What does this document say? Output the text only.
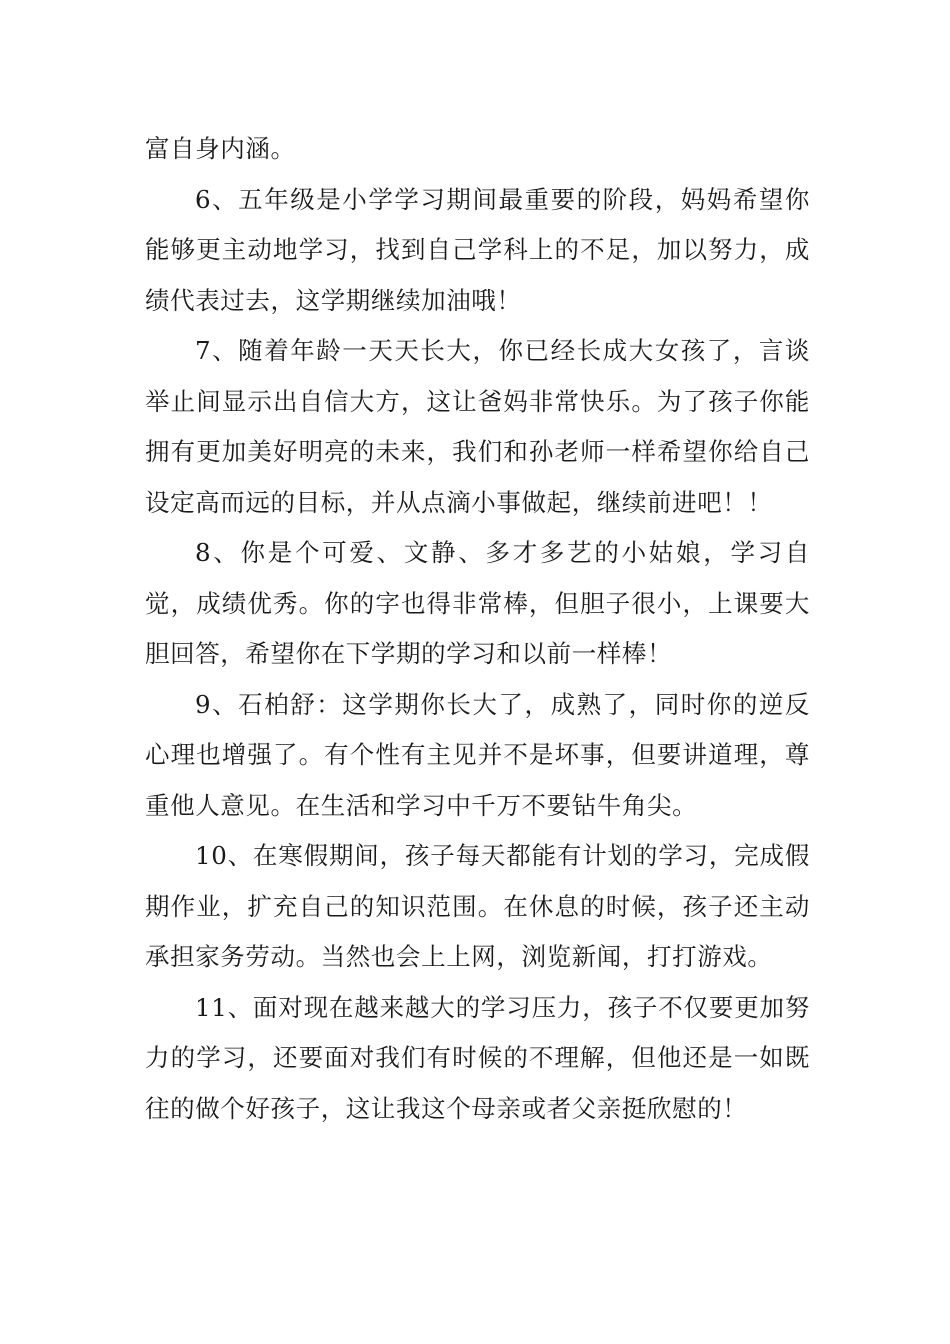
富自身内涵。

6、五年级是小学学习期间最重要的阶段，妈妈希望你能够更主动地学习，找到自己学科上的不足，加以努力，成绩代表过去，这学期继续加油哦！

7、随着年龄一天天长大，你已经长成大女孩了，言谈举止间显示出自信大方，这让爸妈非常快乐。为了孩子你能拥有更加美好明亮的未来，我们和孙老师一样希望你给自己设定高而远的目标，并从点滴小事做起，继续前进吧！！

8、你是个可爱、文静、多才多艺的小姑娘，学习自觉，成绩优秀。你的字也得非常棒，但胆子很小，上课要大胆回答，希望你在下学期的学习和以前一样棒！

9、石柏舒：这学期你长大了，成熟了，同时你的逆反心理也增强了。有个性有主见并不是坏事，但要讲道理，尊重他人意见。在生活和学习中千万不要钻牛角尖。

10、在寒假期间，孩子每天都能有计划的学习，完成假期作业，扩充自己的知识范围。在休息的时候，孩子还主动承担家务劳动。当然也会上上网，浏览新闻，打打游戏。

11、面对现在越来越大的学习压力，孩子不仅要更加努力的学习，还要面对我们有时候的不理解，但他还是一如既往的做个好孩子，这让我这个母亲或者父亲挺欣慰的！
